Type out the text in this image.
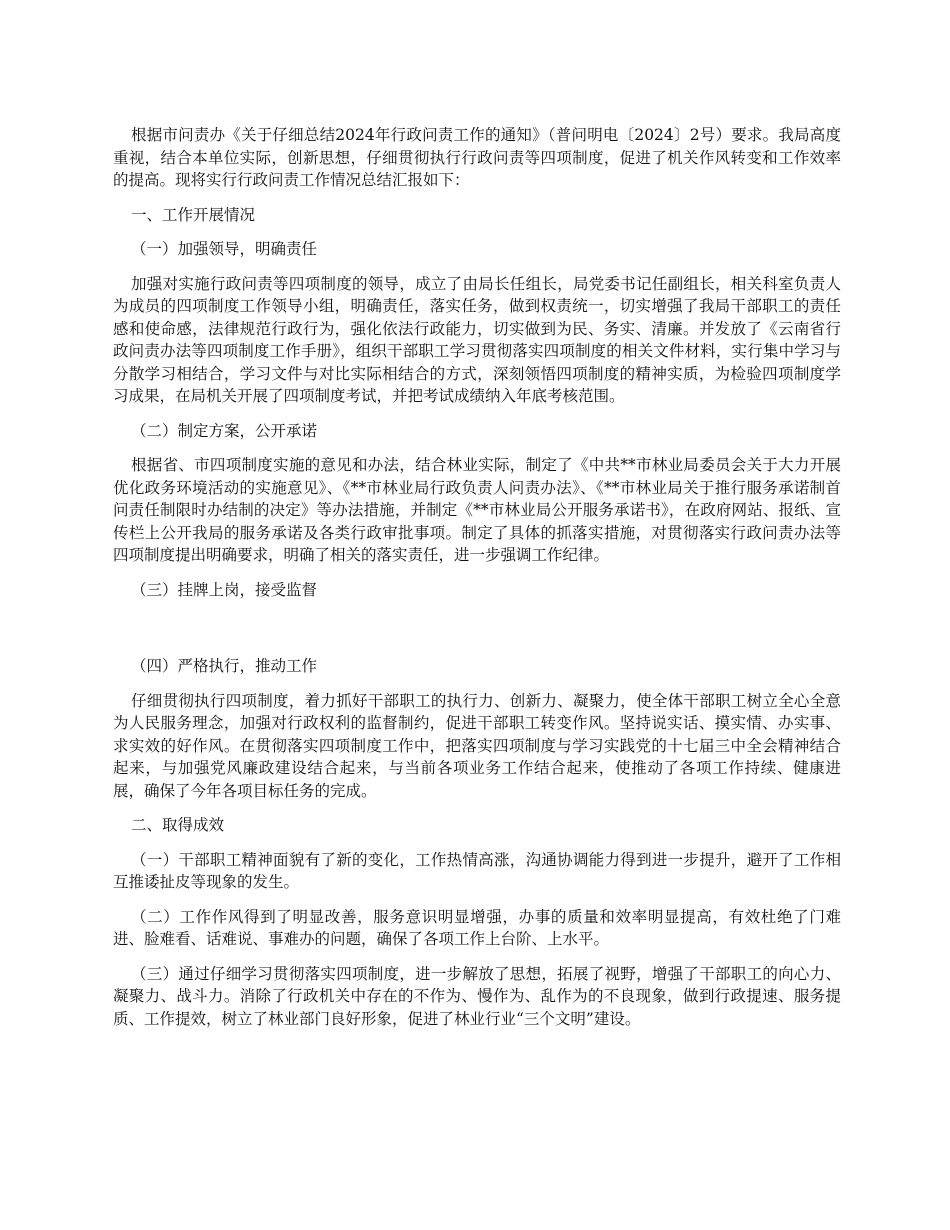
根据市问责办《关于仔细总结2024年行政问责工作的通知》（普问明电〔2024〕2号）要求。我局高度重视，结合本单位实际，创新思想，仔细贯彻执行行政问责等四项制度，促进了机关作风转变和工作效率的提高。现将实行行政问责工作情况总结汇报如下：

一、工作开展情况

（一）加强领导，明确责任

加强对实施行政问责等四项制度的领导，成立了由局长任组长，局党委书记任副组长，相关科室负责人为成员的四项制度工作领导小组，明确责任，落实任务，做到权责统一，切实增强了我局干部职工的责任感和使命感，法律规范行政行为，强化依法行政能力，切实做到为民、务实、清廉。并发放了《云南省行政问责办法等四项制度工作手册》，组织干部职工学习贯彻落实四项制度的相关文件材料，实行集中学习与分散学习相结合，学习文件与对比实际相结合的方式，深刻领悟四项制度的精神实质，为检验四项制度学习成果，在局机关开展了四项制度考试，并把考试成绩纳入年底考核范围。

（二）制定方案，公开承诺

根据省、市四项制度实施的意见和办法，结合林业实际，制定了《中共**市林业局委员会关于大力开展优化政务环境活动的实施意见》、《**市林业局行政负责人问责办法》、《**市林业局关于推行服务承诺制首问责任制限时办结制的决定》等办法措施，并制定《**市林业局公开服务承诺书》，在政府网站、报纸、宣传栏上公开我局的服务承诺及各类行政审批事项。制定了具体的抓落实措施，对贯彻落实行政问责办法等四项制度提出明确要求，明确了相关的落实责任，进一步强调工作纪律。

（三）挂牌上岗，接受监督

（四）严格执行，推动工作

仔细贯彻执行四项制度，着力抓好干部职工的执行力、创新力、凝聚力，使全体干部职工树立全心全意为人民服务理念，加强对行政权利的监督制约，促进干部职工转变作风。坚持说实话、摸实情、办实事、求实效的好作风。在贯彻落实四项制度工作中，把落实四项制度与学习实践党的十七届三中全会精神结合起来，与加强党风廉政建设结合起来，与当前各项业务工作结合起来，使推动了各项工作持续、健康进展，确保了今年各项目标任务的完成。

二、取得成效

（一）干部职工精神面貌有了新的变化，工作热情高涨，沟通协调能力得到进一步提升，避开了工作相互推诿扯皮等现象的发生。

（二）工作作风得到了明显改善，服务意识明显增强，办事的质量和效率明显提高，有效杜绝了门难进、脸难看、话难说、事难办的问题，确保了各项工作上台阶、上水平。

（三）通过仔细学习贯彻落实四项制度，进一步解放了思想，拓展了视野，增强了干部职工的向心力、凝聚力、战斗力。消除了行政机关中存在的不作为、慢作为、乱作为的不良现象，做到行政提速、服务提质、工作提效，树立了林业部门良好形象，促进了林业行业“三个文明”建设。
